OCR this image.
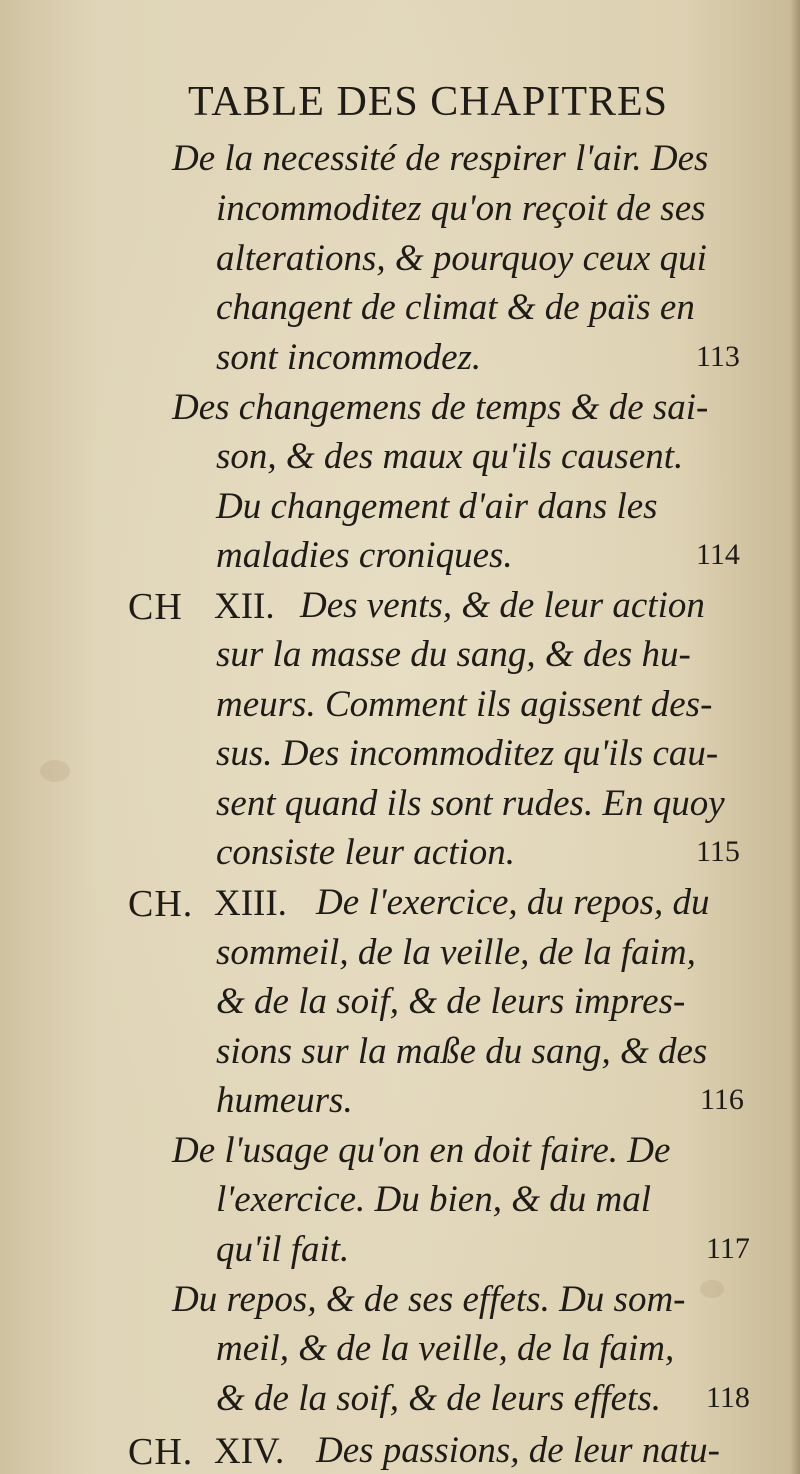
TABLE DES CHAPITRES
De la necessité de respirer l'air. Des
incommoditez qu'on reçoit de ses
alterations, & pourquoy ceux qui
changent de climat & de païs en
sont incommodez.	113
Des changemens de temps & de sai-
son, & des maux qu'ils causent.
Du changement d'air dans les
maladies croniques.	114
CH XII. Des vents, & de leur action
sur la masse du sang, & des hu-
meurs. Comment ils agissent des-
sus. Des incommoditez qu'ils cau-
sent quand ils sont rudes. En quoy
consiste leur action.	115
CH. XIII. De l'exercice, du repos, du
sommeil, de la veille, de la faim,
& de la soif, & de leurs impres-
sions sur la maße du sang, & des
humeurs.	116
De l'usage qu'on en doit faire. De
l'exercice. Du bien, & du mal
qu'il fait.	117
Du repos, & de ses effets. Du som-
meil, & de la veille, de la faim,
& de la soif, & de leurs effets. 118
CH. XIV. Des passions, de leur natu-
